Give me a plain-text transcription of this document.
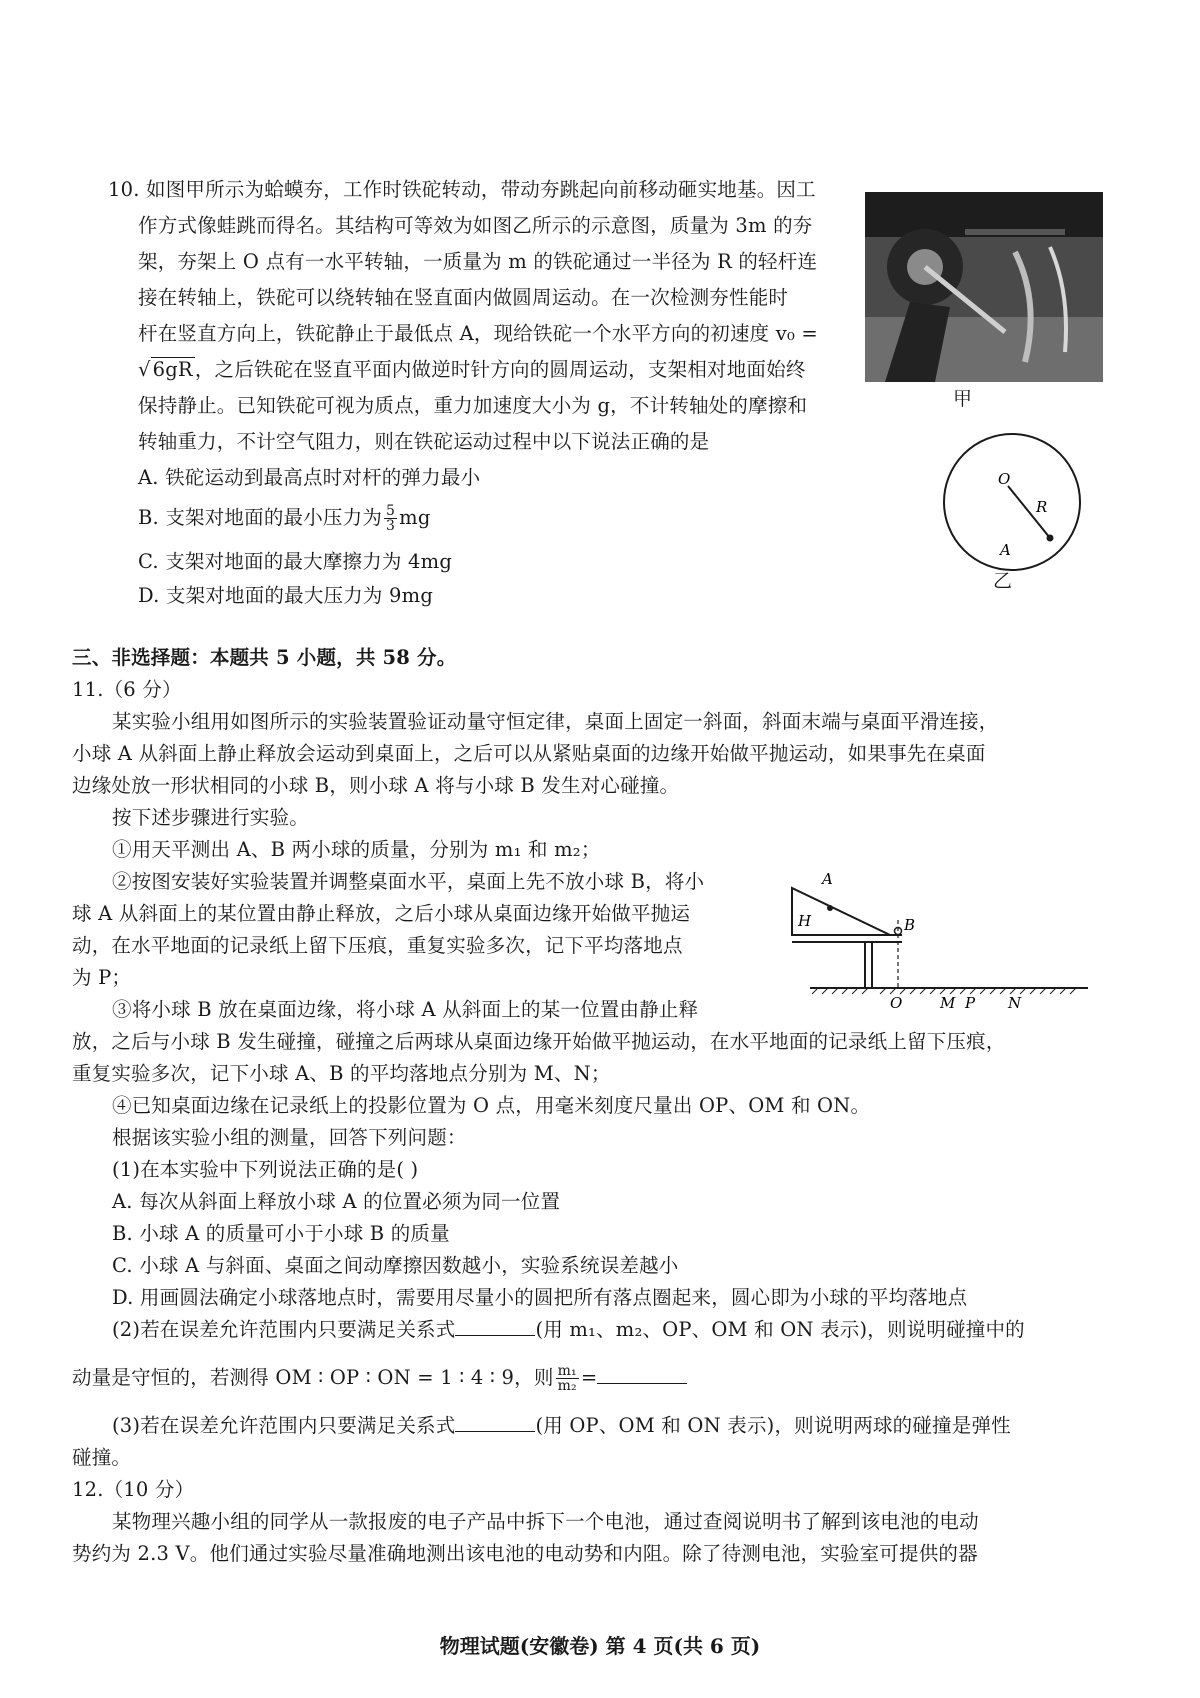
10. 如图甲所示为蛤蟆夯，工作时铁砣转动，带动夯跳起向前移动砸实地基。因工
作方式像蛙跳而得名。其结构可等效为如图乙所示的示意图，质量为 3m 的夯
架，夯架上 O 点有一水平转轴，一质量为 m 的铁砣通过一半径为 R 的轻杆连
接在转轴上，铁砣可以绕转轴在竖直面内做圆周运动。在一次检测夯性能时
杆在竖直方向上，铁砣静止于最低点 A，现给铁砣一个水平方向的初速度 v₀ =
√ 6gR ，之后铁砣在竖直平面内做逆时针方向的圆周运动，支架相对地面始终
保持静止。已知铁砣可视为质点，重力加速度大小为 g，不计转轴处的摩擦和
转轴重力，不计空气阻力，则在铁砣运动过程中以下说法正确的是
A. 铁砣运动到最高点时对杆的弹力最小
B. 支架对地面的最小压力为 $\frac{5}{3}$ mg
C. 支架对地面的最大摩擦力为 4mg
D. 支架对地面的最大压力为 9mg
甲
O
R
A
乙
三、非选择题：本题共 5 小题，共 58 分。
11.（6 分）
某实验小组用如图所示的实验装置验证动量守恒定律，桌面上固定一斜面，斜面末端与桌面平滑连接，
小球 A 从斜面上静止释放会运动到桌面上，之后可以从紧贴桌面的边缘开始做平抛运动，如果事先在桌面
边缘处放一形状相同的小球 B，则小球 A 将与小球 B 发生对心碰撞。
按下述步骤进行实验。
①用天平测出 A、B 两小球的质量，分别为 m₁ 和 m₂；
②按图安装好实验装置并调整桌面水平，桌面上先不放小球 B，将小
球 A 从斜面上的某位置由静止释放，之后小球从桌面边缘开始做平抛运
动，在水平地面的记录纸上留下压痕，重复实验多次，记下平均落地点
为 P；
③将小球 B 放在桌面边缘，将小球 A 从斜面上的某一位置由静止释
放，之后与小球 B 发生碰撞，碰撞之后两球从桌面边缘开始做平抛运动，在水平地面的记录纸上留下压痕，
重复实验多次，记下小球 A、B 的平均落地点分别为 M、N；
④已知桌面边缘在记录纸上的投影位置为 O 点，用毫米刻度尺量出 OP、OM 和 ON。
根据该实验小组的测量，回答下列问题：
(1)在本实验中下列说法正确的是( )
A. 每次从斜面上释放小球 A 的位置必须为同一位置
B. 小球 A 的质量可小于小球 B 的质量
C. 小球 A 与斜面、桌面之间动摩擦因数越小，实验系统误差越小
D. 用画圆法确定小球落地点时，需要用尽量小的圆把所有落点圈起来，圆心即为小球的平均落地点
(2)若在误差允许范围内只要满足关系式	(用 m₁、m₂、OP、OM 和 ON 表示)，则说明碰撞中的
动量是守恒的，若测得 OM ∶ OP ∶ ON = 1 ∶ 4 ∶ 9，则 $\frac{\text{m₁}}{\text{m₂}}$ =
(3)若在误差允许范围内只要满足关系式	(用 OP、OM 和 ON 表示)，则说明两球的碰撞是弹性
碰撞。
A
H	B
O	M P N
12.（10 分）
某物理兴趣小组的同学从一款报废的电子产品中拆下一个电池，通过查阅说明书了解到该电池的电动
势约为 2.3 V。他们通过实验尽量准确地测出该电池的电动势和内阻。除了待测电池，实验室可提供的器
物理试题(安徽卷) 第 4 页(共 6 页)
